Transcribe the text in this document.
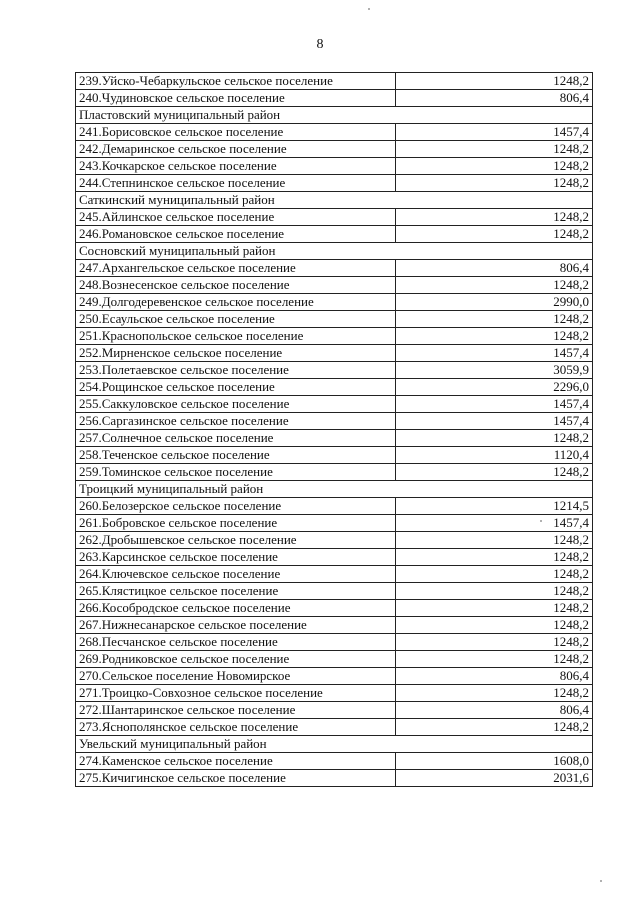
8
239.Уйско-Чебаркульское сельское поселение	1248,2
240.Чудиновское сельское поселение	806,4
Пластовский муниципальный район	
241.Борисовское сельское поселение	1457,4
242.Демаринское сельское поселение	1248,2
243.Кочкарское сельское поселение	1248,2
244.Степнинское сельское поселение	1248,2
Саткинский муниципальный район	
245.Айлинское сельское поселение	1248,2
246.Романовское сельское поселение	1248,2
Сосновский муниципальный район	
247.Архангельское сельское поселение	806,4
248.Вознесенское сельское поселение	1248,2
249.Долгодеревенское сельское поселение	2990,0
250.Есаульское сельское поселение	1248,2
251.Краснопольское сельское поселение	1248,2
252.Мирненское сельское поселение	1457,4
253.Полетаевское сельское поселение	3059,9
254.Рощинское сельское поселение	2296,0
255.Саккуловское сельское поселение	1457,4
256.Саргазинское сельское поселение	1457,4
257.Солнечное сельское поселение	1248,2
258.Теченское сельское поселение	1120,4
259.Томинское сельское поселение	1248,2
Троицкий муниципальный район	
260.Белозерское сельское поселение	1214,5
261.Бобровское сельское поселение	1457,4
262.Дробышевское сельское поселение	1248,2
263.Карсинское сельское поселение	1248,2
264.Ключевское сельское поселение	1248,2
265.Клястицкое сельское поселение	1248,2
266.Кособродское сельское поселение	1248,2
267.Нижнесанарское сельское поселение	1248,2
268.Песчанское сельское поселение	1248,2
269.Родниковское сельское поселение	1248,2
270.Сельское поселение Новомирское	806,4
271.Троицко-Совхозное сельское поселение	1248,2
272.Шантаринское сельское поселение	806,4
273.Яснополянское сельское поселение	1248,2
Увельский муниципальный район	
274.Каменское сельское поселение	1608,0
275.Кичигинское сельское поселение	2031,6
